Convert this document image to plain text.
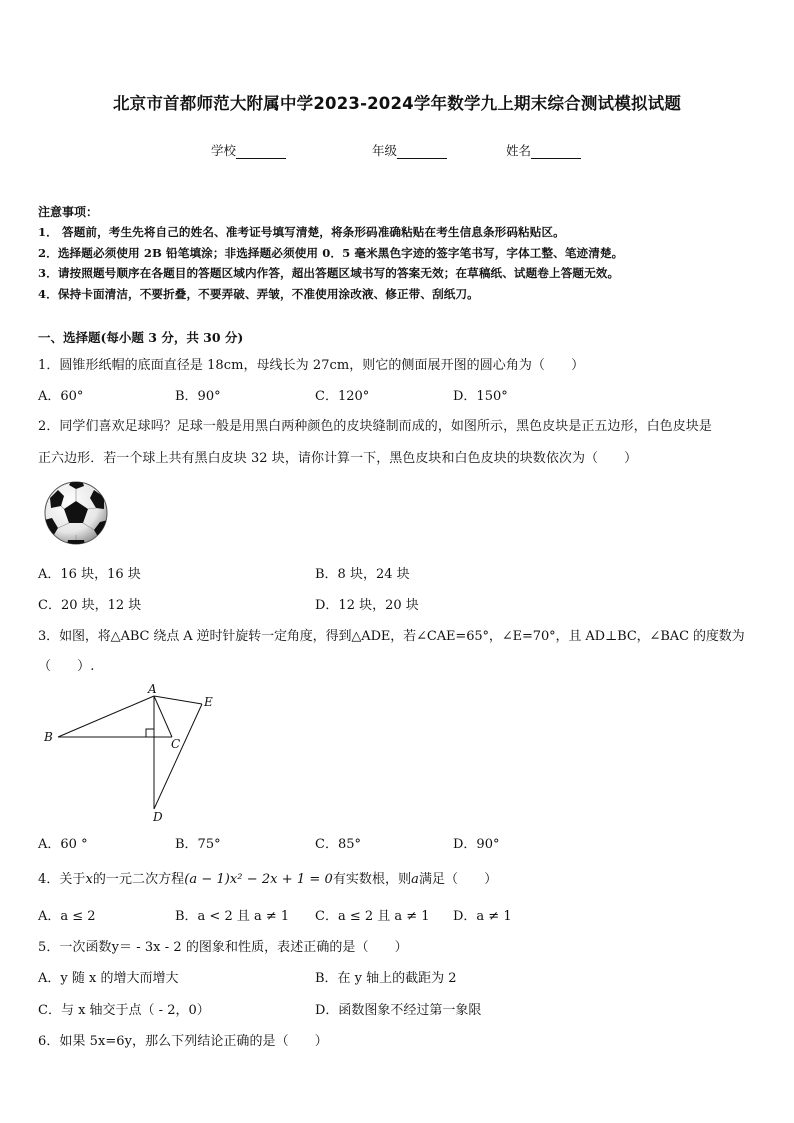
北京市首都师范大附属中学2023-2024学年数学九上期末综合测试模拟试题
学校	年级	姓名
注意事项：
1． 答题前，考生先将自己的姓名、准考证号填写清楚，将条形码准确粘贴在考生信息条形码粘贴区。
2．选择题必须使用 2B 铅笔填涂；非选择题必须使用 0．5 毫米黑色字迹的签字笔书写，字体工整、笔迹清楚。
3．请按照题号顺序在各题目的答题区域内作答，超出答题区域书写的答案无效；在草稿纸、试题卷上答题无效。
4．保持卡面清洁，不要折叠，不要弄破、弄皱，不准使用涂改液、修正带、刮纸刀。
一、选择题(每小题 3 分，共 30 分)
1．圆锥形纸帽的底面直径是 18cm，母线长为 27cm，则它的侧面展开图的圆心角为（　　）
A．60°	B．90°	C．120°	D．150°
2．同学们喜欢足球吗？足球一般是用黑白两种颜色的皮块缝制而成的，如图所示，黑色皮块是正五边形，白色皮块是
正六边形．若一个球上共有黑白皮块 32 块，请你计算一下，黑色皮块和白色皮块的块数依次为（　　）
A．16 块，16 块	B．8 块，24 块
C．20 块，12 块	D．12 块，20 块
3．如图，将△ABC 绕点 A 逆时针旋转一定角度，得到△ADE，若∠CAE=65°，∠E=70°，且 AD⊥BC，∠BAC 的度数为
（　　）.
A
B	C
D
E
A．60 °	B．75°	C．85°	D．90°
4．关于x的一元二次方程(a − 1)x² − 2x + 1 = 0有实数根，则a满足（　　）
A．a ≤ 2	B．a < 2 且 a ≠ 1 C．a ≤ 2 且 a ≠ 1 D．a ≠ 1
5．一次函数y＝ - 3x - 2 的图象和性质，表述正确的是（　　）
A．y 随 x 的增大而增大	B．在 y 轴上的截距为 2
C．与 x 轴交于点（ - 2，0）	D．函数图象不经过第一象限
6．如果 5x=6y，那么下列结论正确的是（　　）
